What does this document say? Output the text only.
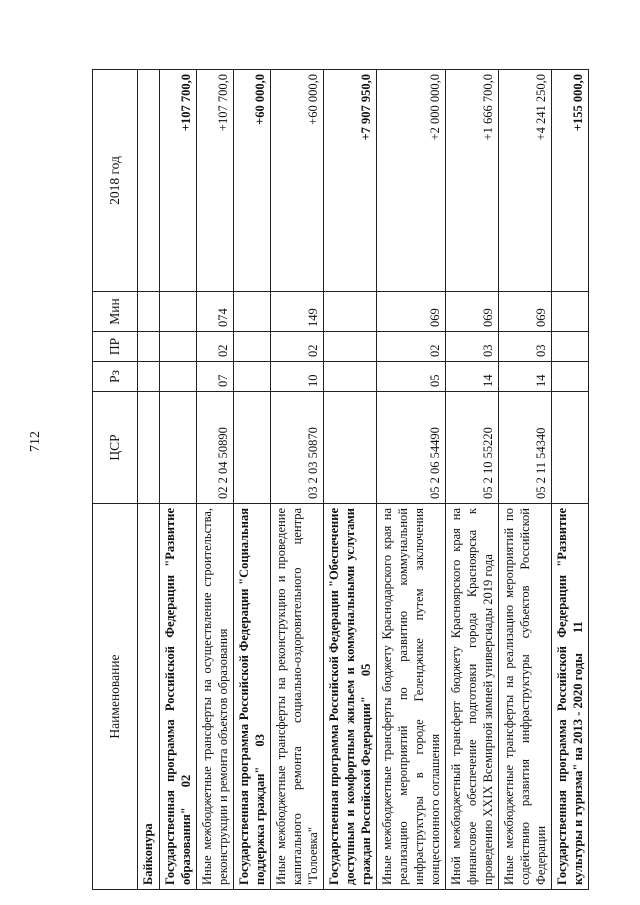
712
Наименование	ЦСР	Рз	ПР	Мин	2018 год
Байконура					
Государственная программа Российской Федерации "Развитие образования"02					+107 700,0
Иные межбюджетные трансферты на осуществление строительства, реконструкции и ремонта объектов образования	02 2 04 50890	07	02	074	+107 700,0
Государственная программа Российской Федерации "Социальная поддержка граждан"03					+60 000,0
Иные межбюджетные трансферты на реконструкцию и проведение капитального ремонта социально-оздоровительного центра "Голоевка"	03 2 03 50870	10	02	149	+60 000,0
Государственная программа Российской Федерации "Обеспечение доступным и комфортным жильем и коммунальными услугами граждан Российской Федерации"05					+7 907 950,0
Иные межбюджетные трансферты бюджету Краснодарского края на реализацию мероприятий по развитию коммунальной инфраструктуры в городе Геленджике путем заключения концессионного соглашения	05 2 06 54490	05	02	069	+2 000 000,0
Иной межбюджетный трансферт бюджету Красноярского края на финансовое обеспечение подготовки города Красноярска к проведению XXIX Всемирной зимней универсиады 2019 года	05 2 10 55220	14	03	069	+1 666 700,0
Иные межбюджетные трансферты на реализацию мероприятий по содействию развития инфраструктуры субъектов Российской Федерации	05 2 11 54340	14	03	069	+4 241 250,0
Государственная программа Российской Федерации "Развитие культуры и туризма" на 2013 - 2020 годы11					+155 000,0
